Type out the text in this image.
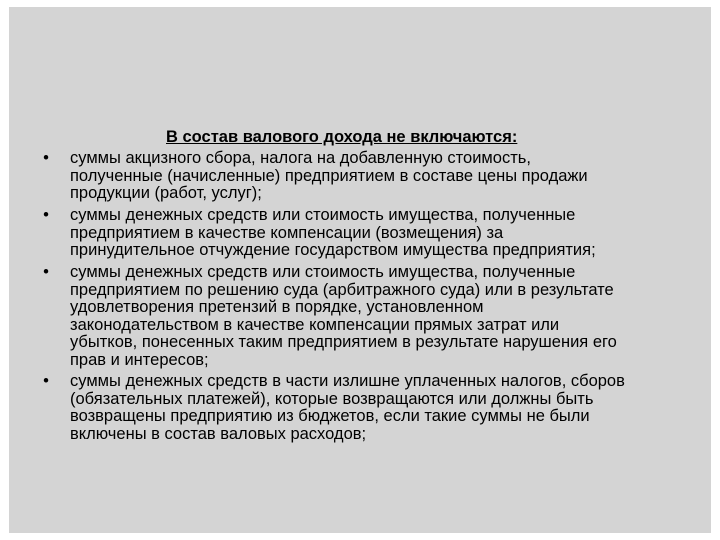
В состав валового дохода не включаются:
• суммы акцизного сбора, налога на добавленную стоимость,
полученные (начисленные) предприятием в составе цены продажи
продукции (работ, услуг);
• суммы денежных средств или стоимость имущества, полученные
предприятием в качестве компенсации (возмещения) за
принудительное отчуждение государством имущества предприятия;
• суммы денежных средств или стоимость имущества, полученные
предприятием по решению суда (арбитражного суда) или в результате
удовлетворения претензий в порядке, установленном
законодательством в качестве компенсации прямых затрат или
убытков, понесенных таким предприятием в результате нарушения его
прав и интересов;
• суммы денежных средств в части излишне уплаченных налогов, сборов
(обязательных платежей), которые возвращаются или должны быть
возвращены предприятию из бюджетов, если такие суммы не были
включены в состав валовых расходов;
